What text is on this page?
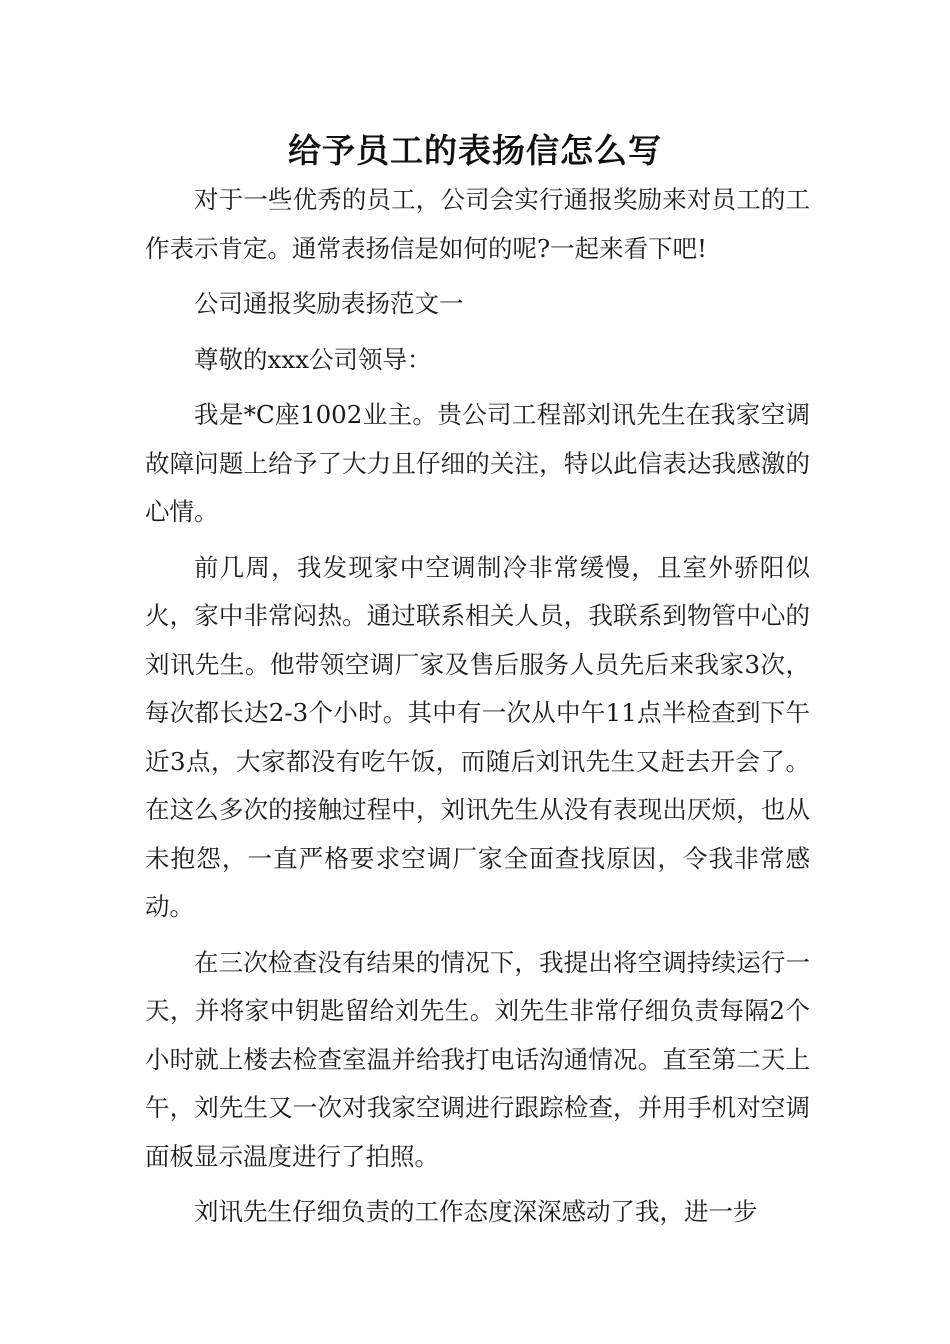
给予员工的表扬信怎么写

对于一些优秀的员工，公司会实行通报奖励来对员工的工作表示肯定。通常表扬信是如何的呢?一起来看下吧!

公司通报奖励表扬范文一

尊敬的xxx公司领导：

我是*C座1002业主。贵公司工程部刘讯先生在我家空调故障问题上给予了大力且仔细的关注，特以此信表达我感激的心情。

前几周，我发现家中空调制冷非常缓慢，且室外骄阳似火，家中非常闷热。通过联系相关人员，我联系到物管中心的刘讯先生。他带领空调厂家及售后服务人员先后来我家3次，每次都长达2-3个小时。其中有一次从中午11点半检查到下午近3点，大家都没有吃午饭，而随后刘讯先生又赶去开会了。在这么多次的接触过程中，刘讯先生从没有表现出厌烦，也从未抱怨，一直严格要求空调厂家全面查找原因，令我非常感动。

在三次检查没有结果的情况下，我提出将空调持续运行一天，并将家中钥匙留给刘先生。刘先生非常仔细负责每隔2个小时就上楼去检查室温并给我打电话沟通情况。直至第二天上午，刘先生又一次对我家空调进行跟踪检查，并用手机对空调面板显示温度进行了拍照。

刘讯先生仔细负责的工作态度深深感动了我，进一步
